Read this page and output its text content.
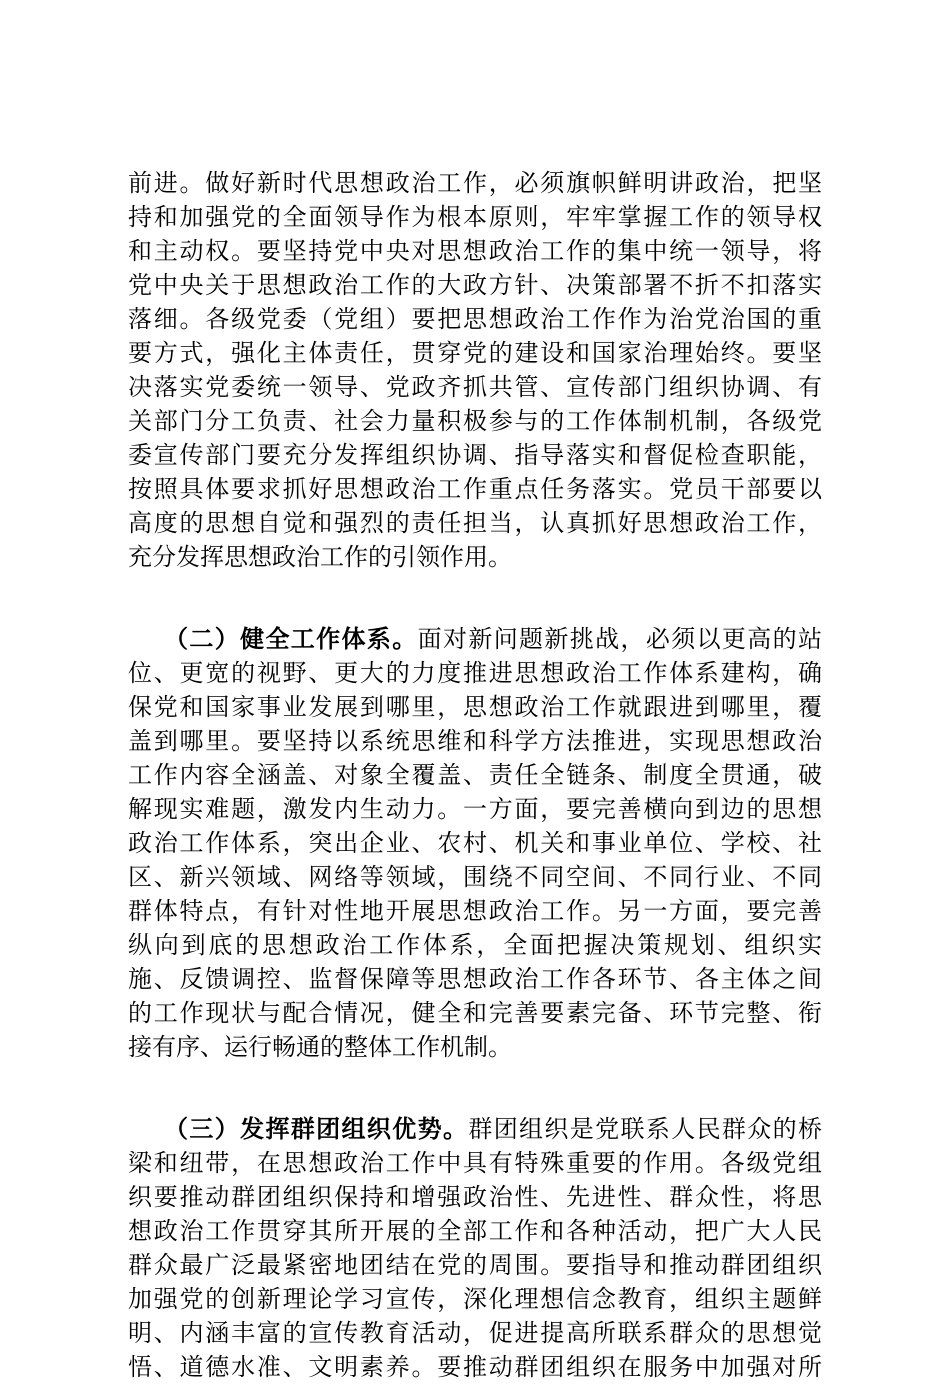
前进。做好新时代思想政治工作，必须旗帜鲜明讲政治，把坚
持和加强党的全面领导作为根本原则，牢牢掌握工作的领导权
和主动权。要坚持党中央对思想政治工作的集中统一领导，将
党中央关于思想政治工作的大政方针、决策部署不折不扣落实
落细。各级党委（党组）要把思想政治工作作为治党治国的重
要方式，强化主体责任，贯穿党的建设和国家治理始终。要坚
决落实党委统一领导、党政齐抓共管、宣传部门组织协调、有
关部门分工负责、社会力量积极参与的工作体制机制，各级党
委宣传部门要充分发挥组织协调、指导落实和督促检查职能，
按照具体要求抓好思想政治工作重点任务落实。党员干部要以
高度的思想自觉和强烈的责任担当，认真抓好思想政治工作，
充分发挥思想政治工作的引领作用。
（二）健全工作体系。面对新问题新挑战，必须以更高的站
位、更宽的视野、更大的力度推进思想政治工作体系建构，确
保党和国家事业发展到哪里，思想政治工作就跟进到哪里，覆
盖到哪里。要坚持以系统思维和科学方法推进，实现思想政治
工作内容全涵盖、对象全覆盖、责任全链条、制度全贯通，破
解现实难题，激发内生动力。一方面，要完善横向到边的思想
政治工作体系，突出企业、农村、机关和事业单位、学校、社
区、新兴领域、网络等领域，围绕不同空间、不同行业、不同
群体特点，有针对性地开展思想政治工作。另一方面，要完善
纵向到底的思想政治工作体系，全面把握决策规划、组织实
施、反馈调控、监督保障等思想政治工作各环节、各主体之间
的工作现状与配合情况，健全和完善要素完备、环节完整、衔
接有序、运行畅通的整体工作机制。
（三）发挥群团组织优势。群团组织是党联系人民群众的桥
梁和纽带，在思想政治工作中具有特殊重要的作用。各级党组
织要推动群团组织保持和增强政治性、先进性、群众性，将思
想政治工作贯穿其所开展的全部工作和各种活动，把广大人民
群众最广泛最紧密地团结在党的周围。要指导和推动群团组织
加强党的创新理论学习宣传，深化理想信念教育，组织主题鲜
明、内涵丰富的宣传教育活动，促进提高所联系群众的思想觉
悟、道德水准、文明素养。要推动群团组织在服务中加强对所
